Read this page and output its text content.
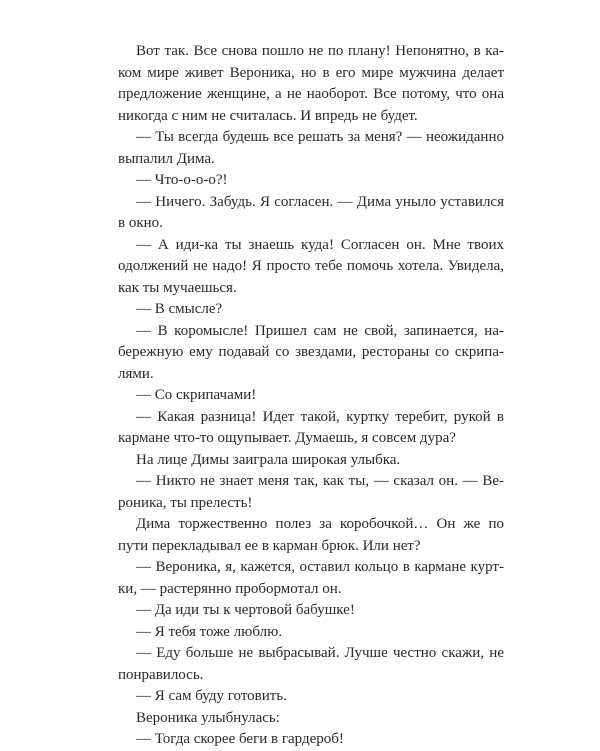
Вот так. Все снова пошло не по плану! Непонятно, в каком мире живет Вероника, но в его мире мужчина делает предложение женщине, а не наоборот. Все потому, что она никогда с ним не считалась. И впредь не будет.

— Ты всегда будешь все решать за меня? — неожиданно выпалил Дима.

— Что-о-о-о?!

— Ничего. Забудь. Я согласен. — Дима уныло уставился в окно.

— А иди-ка ты знаешь куда! Согласен он. Мне твоих одолжений не надо! Я просто тебе помочь хотела. Увидела, как ты мучаешься.

— В смысле?

— В коромысле! Пришел сам не свой, запинается, набережную ему подавай со звездами, рестораны со скрипалями.

— Со скрипачами!

— Какая разница! Идет такой, куртку теребит, рукой в кармане что-то ощупывает. Думаешь, я совсем дура?

На лице Димы заиграла широкая улыбка.

— Никто не знает меня так, как ты, — сказал он. — Вероника, ты прелесть!

Дима торжественно полез за коробочкой… Он же по пути перекладывал ее в карман брюк. Или нет?

— Вероника, я, кажется, оставил кольцо в кармане куртки, — растерянно пробормотал он.

— Да иди ты к чертовой бабушке!

— Я тебя тоже люблю.

— Еду больше не выбрасывай. Лучше честно скажи, не понравилось.

— Я сам буду готовить.

Вероника улыбнулась:

— Тогда скорее беги в гардероб!
